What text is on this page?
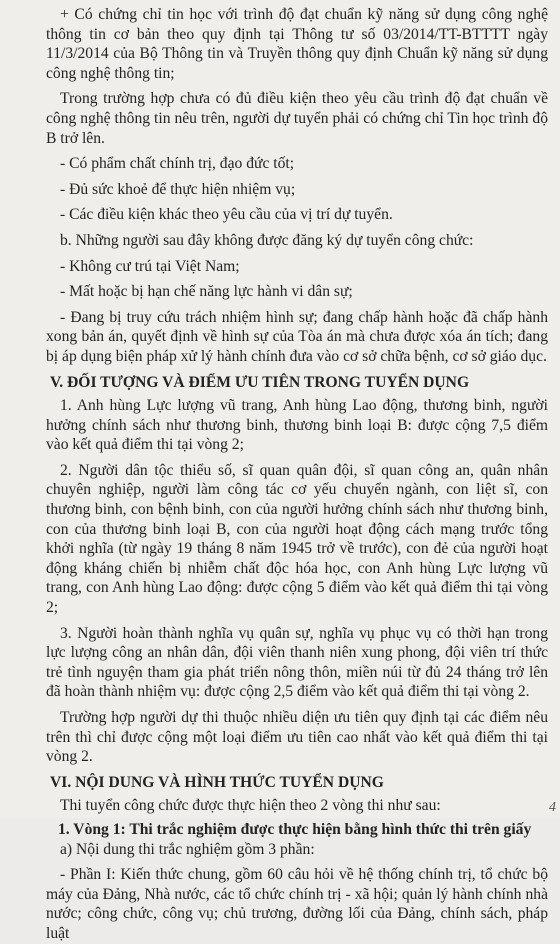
+ Có chứng chỉ tin học với trình độ đạt chuẩn kỹ năng sử dụng công nghệ thông tin cơ bản theo quy định tại Thông tư số 03/2014/TT-BTTTT ngày 11/3/2014 của Bộ Thông tin và Truyền thông quy định Chuẩn kỹ năng sử dụng công nghệ thông tin;

Trong trường hợp chưa có đủ điều kiện theo yêu cầu trình độ đạt chuẩn về công nghệ thông tin nêu trên, người dự tuyển phải có chứng chỉ Tin học trình độ B trở lên.

- Có phẩm chất chính trị, đạo đức tốt;

- Đủ sức khoẻ để thực hiện nhiệm vụ;

- Các điều kiện khác theo yêu cầu của vị trí dự tuyển.

b. Những người sau đây không được đăng ký dự tuyển công chức:

- Không cư trú tại Việt Nam;

- Mất hoặc bị hạn chế năng lực hành vi dân sự;

- Đang bị truy cứu trách nhiệm hình sự; đang chấp hành hoặc đã chấp hành xong bản án, quyết định về hình sự của Tòa án mà chưa được xóa án tích; đang bị áp dụng biện pháp xử lý hành chính đưa vào cơ sở chữa bệnh, cơ sở giáo dục.

V. ĐỐI TƯỢNG VÀ ĐIỂM ƯU TIÊN TRONG TUYỂN DỤNG

1. Anh hùng Lực lượng vũ trang, Anh hùng Lao động, thương binh, người hưởng chính sách như thương binh, thương binh loại B: được cộng 7,5 điểm vào kết quả điểm thi tại vòng 2;

2. Người dân tộc thiểu số, sĩ quan quân đội, sĩ quan công an, quân nhân chuyên nghiệp, người làm công tác cơ yếu chuyển ngành, con liệt sĩ, con thương binh, con bệnh binh, con của người hưởng chính sách như thương binh, con của thương binh loại B, con của người hoạt động cách mạng trước tổng khởi nghĩa (từ ngày 19 tháng 8 năm 1945 trở về trước), con đẻ của người hoạt động kháng chiến bị nhiễm chất độc hóa học, con Anh hùng Lực lượng vũ trang, con Anh hùng Lao động: được cộng 5 điểm vào kết quả điểm thi tại vòng 2;

3. Người hoàn thành nghĩa vụ quân sự, nghĩa vụ phục vụ có thời hạn trong lực lượng công an nhân dân, đội viên thanh niên xung phong, đội viên trí thức trẻ tình nguyện tham gia phát triển nông thôn, miền núi từ đủ 24 tháng trở lên đã hoàn thành nhiệm vụ: được cộng 2,5 điểm vào kết quả điểm thi tại vòng 2.

Trường hợp người dự thi thuộc nhiều diện ưu tiên quy định tại các điểm nêu trên thì chỉ được cộng một loại điểm ưu tiên cao nhất vào kết quả điểm thi tại vòng 2.

VI. NỘI DUNG VÀ HÌNH THỨC TUYỂN DỤNG

Thi tuyển công chức được thực hiện theo 2 vòng thi như sau:

1. Vòng 1: Thi trắc nghiệm được thực hiện bằng hình thức thi trên giấy

a) Nội dung thi trắc nghiệm gồm 3 phần:

- Phần I: Kiến thức chung, gồm 60 câu hỏi về hệ thống chính trị, tổ chức bộ máy của Đảng, Nhà nước, các tổ chức chính trị - xã hội; quản lý hành chính nhà nước; công chức, công vụ; chủ trương, đường lối của Đảng, chính sách, pháp luật

4
